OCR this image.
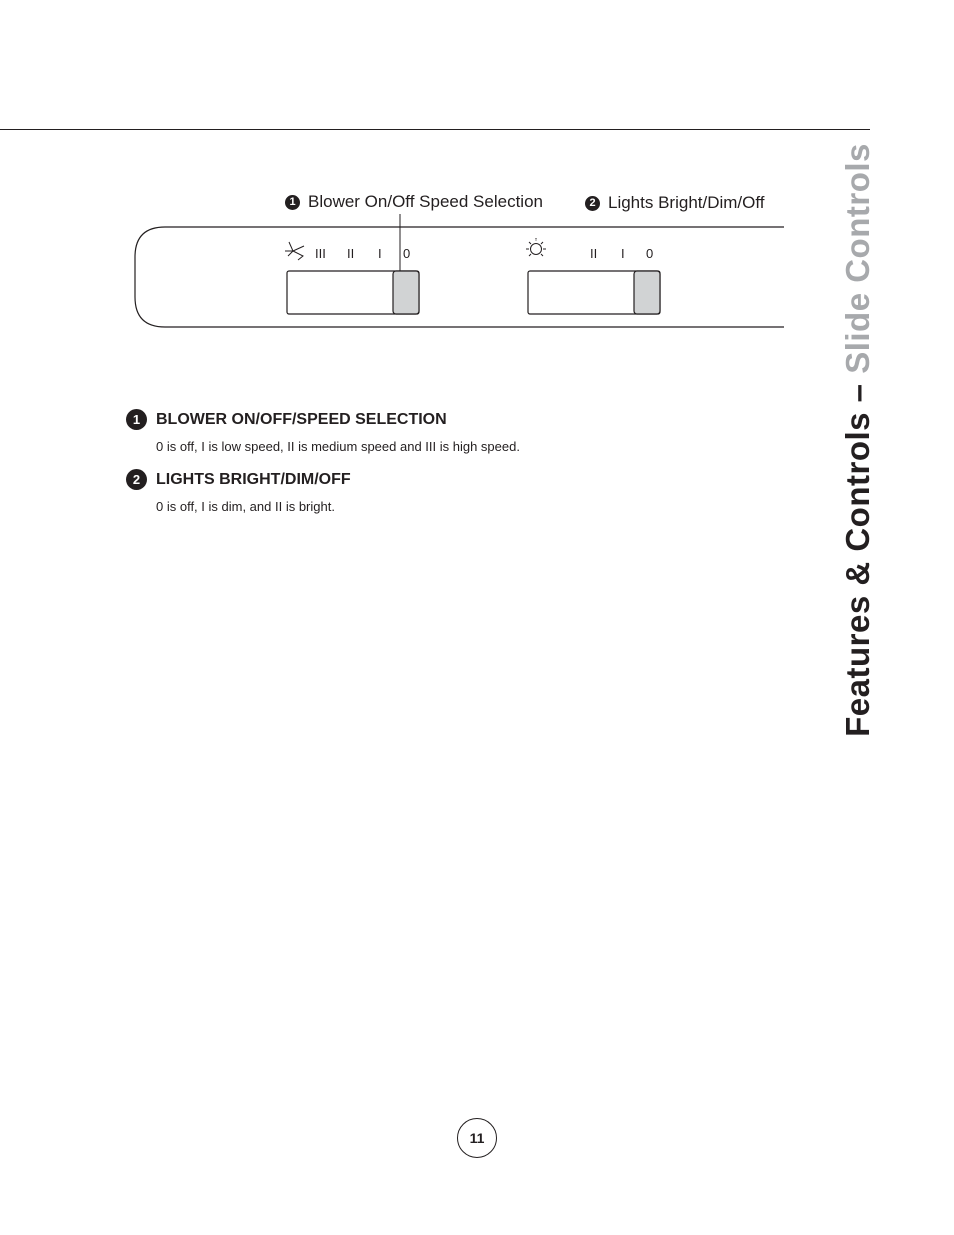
Features & Controls – Slide Controls
1 Blower On/Off Speed Selection	2 Lights Bright/Dim/Off
III II I 0	II I 0
1 BLOWER ON/OFF/SPEED SELECTION
0 is off, I is low speed, II is medium speed and III is high speed.
2 LIGHTS BRIGHT/DIM/OFF
0 is off, I is dim, and II is bright.
11
